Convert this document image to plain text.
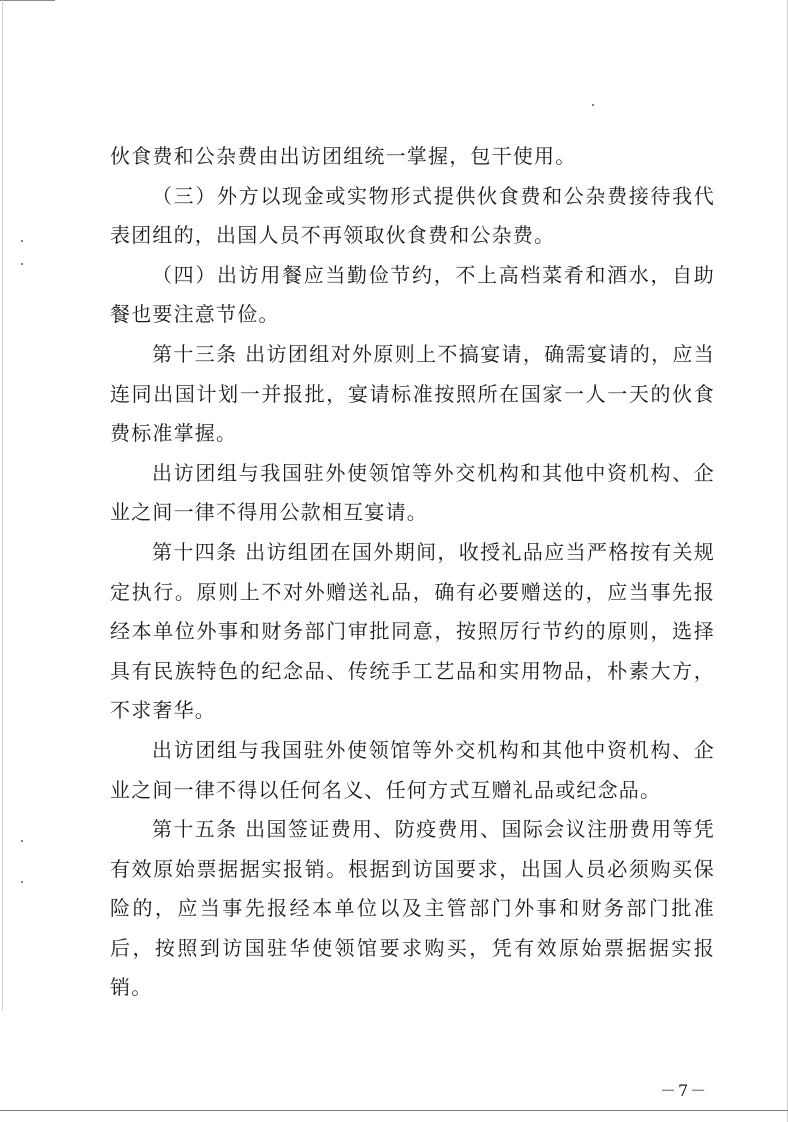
伙食费和公杂费由出访团组统一掌握，包干使用。

（三）外方以现金或实物形式提供伙食费和公杂费接待我代表团组的，出国人员不再领取伙食费和公杂费。

（四）出访用餐应当勤俭节约，不上高档菜肴和酒水，自助餐也要注意节俭。

第十三条 出访团组对外原则上不搞宴请，确需宴请的，应当连同出国计划一并报批，宴请标准按照所在国家一人一天的伙食费标准掌握。

出访团组与我国驻外使领馆等外交机构和其他中资机构、企业之间一律不得用公款相互宴请。

第十四条 出访组团在国外期间，收授礼品应当严格按有关规定执行。原则上不对外赠送礼品，确有必要赠送的，应当事先报经本单位外事和财务部门审批同意，按照厉行节约的原则，选择具有民族特色的纪念品、传统手工艺品和实用物品，朴素大方，不求奢华。

出访团组与我国驻外使领馆等外交机构和其他中资机构、企业之间一律不得以任何名义、任何方式互赠礼品或纪念品。

第十五条 出国签证费用、防疫费用、国际会议注册费用等凭有效原始票据据实报销。根据到访国要求，出国人员必须购买保险的，应当事先报经本单位以及主管部门外事和财务部门批准后，按照到访国驻华使领馆要求购买，凭有效原始票据据实报销。

－7－
